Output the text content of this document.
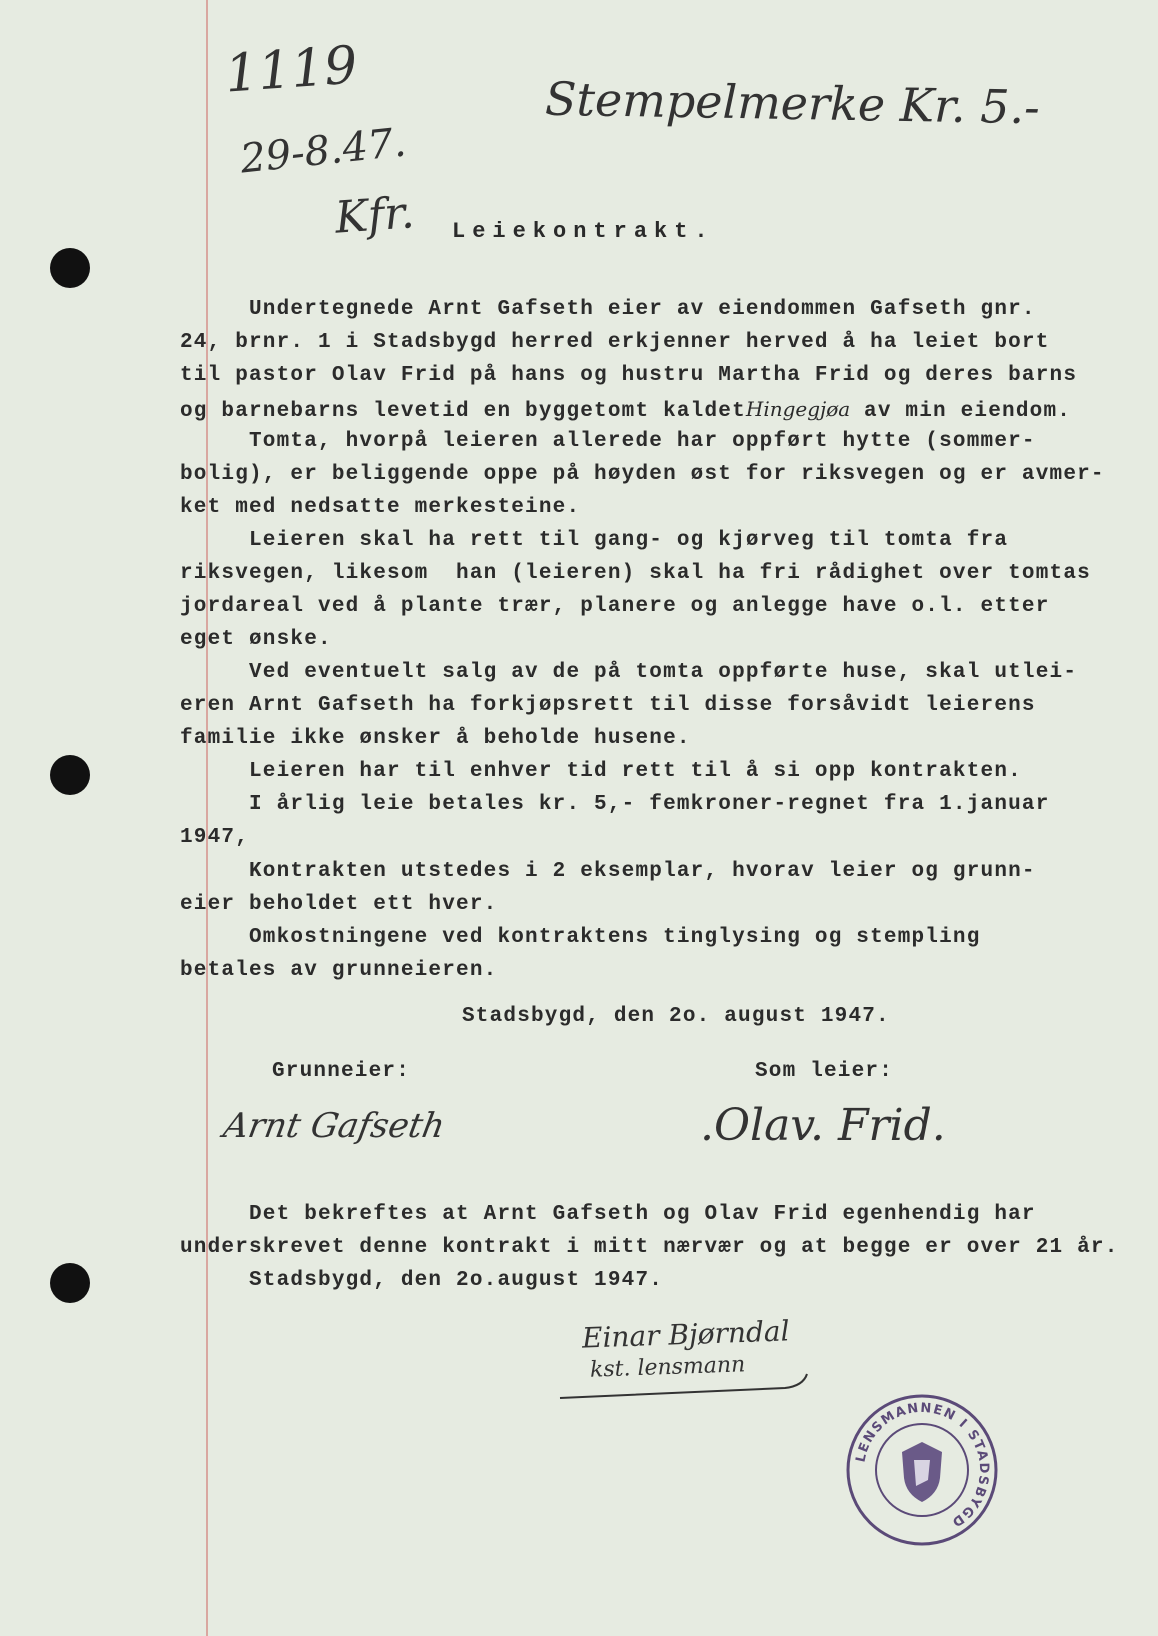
1119
29-8.47.
Kfr.
Stempelmerke Kr. 5.-
Leiekontrakt.
Undertegnede Arnt Gafseth eier av eiendommen Gafseth gnr.
24, brnr. 1 i Stadsbygd herred erkjenner herved å ha leiet bort
til pastor Olav Frid på hans og hustru Martha Frid og deres barns
og barnebarns levetid en byggetomt kaldetHingegjøa av min eiendom.
Tomta, hvorpå leieren allerede har oppført hytte (sommer-
bolig), er beliggende oppe på høyden øst for riksvegen og er avmer-
ket med nedsatte merkesteine.
Leieren skal ha rett til gang- og kjørveg til tomta fra
riksvegen, likesom  han (leieren) skal ha fri rådighet over tomtas
jordareal ved å plante trær, planere og anlegge have o.l. etter
eget ønske.
Ved eventuelt salg av de på tomta oppførte huse, skal utlei-
eren Arnt Gafseth ha forkjøpsrett til disse forsåvidt leierens
familie ikke ønsker å beholde husene.
Leieren har til enhver tid rett til å si opp kontrakten.
I årlig leie betales kr. 5,- femkroner-regnet fra 1.januar
1947,
Kontrakten utstedes i 2 eksemplar, hvorav leier og grunn-
eier beholdet ett hver.
Omkostningene ved kontraktens tinglysing og stempling
betales av grunneieren.
Stadsbygd, den 2o. august 1947.
Grunneier:	Som leier:
Arnt Gafseth	.Olav. Frid.
Det bekreftes at Arnt Gafseth og Olav Frid egenhendig har
underskrevet denne kontrakt i mitt nærvær og at begge er over 21 år.
Stadsbygd, den 2o.august 1947.
Einar Bjørndal
kst. lensmann
LENSMANNEN I STADSBYGD
